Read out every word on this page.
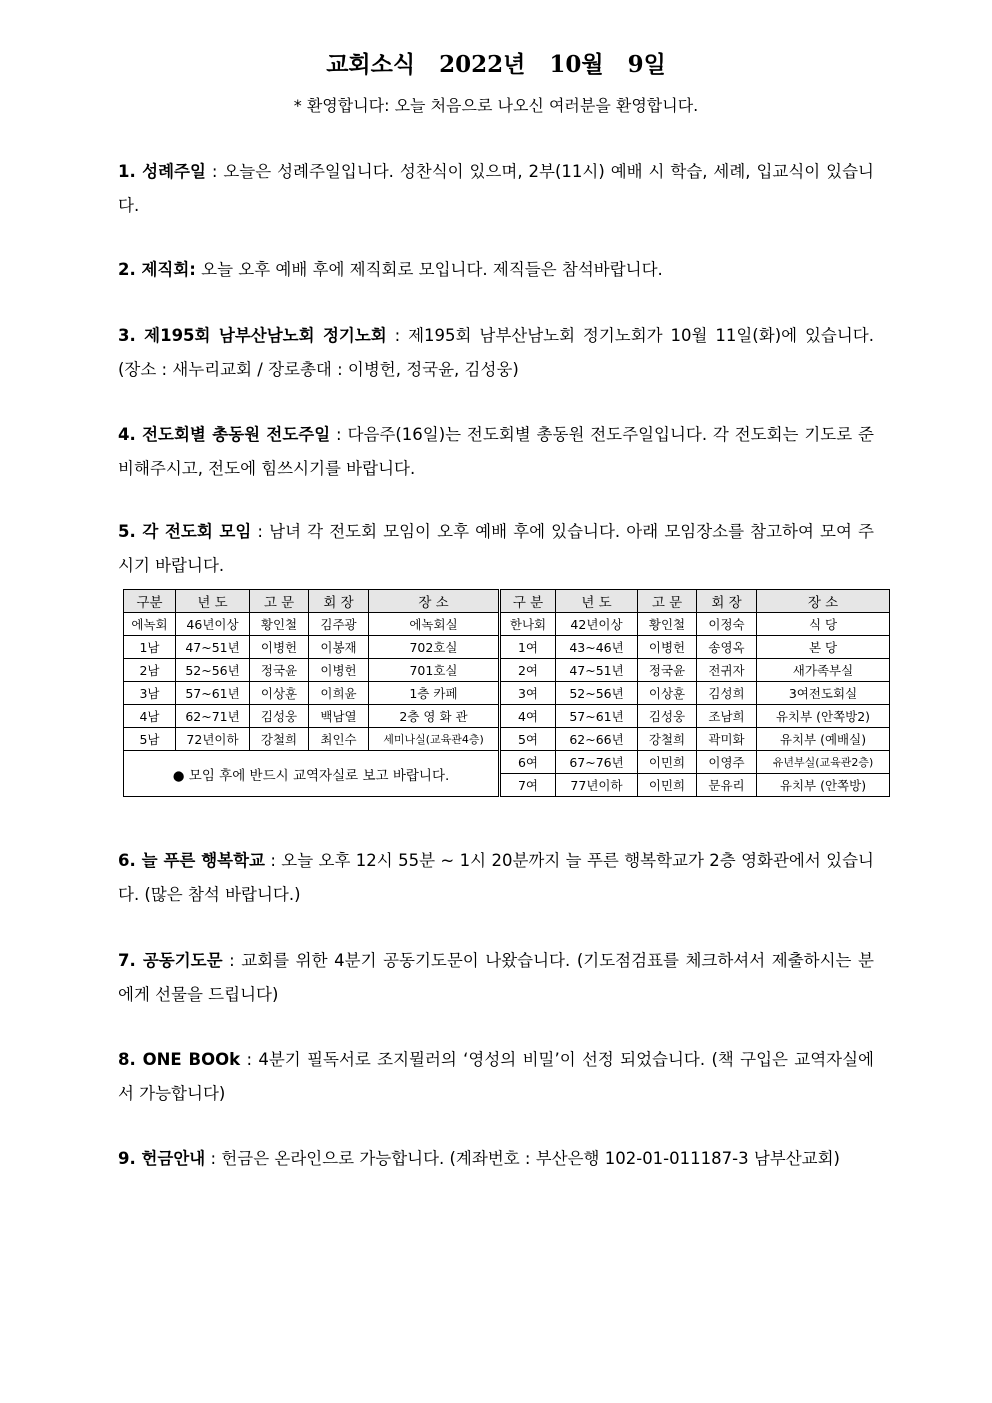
교회소식   2022년   10월   9일
* 환영합니다: 오늘 처음으로 나오신 여러분을 환영합니다.
1. 성례주일 : 오늘은 성례주일입니다. 성찬식이 있으며, 2부(11시) 예배 시 학습, 세례, 입교식이 있습니다.
2. 제직회: 오늘 오후 예배 후에 제직회로 모입니다. 제직들은 참석바랍니다.
3. 제195회 남부산남노회 정기노회 : 제195회 남부산남노회 정기노회가 10월 11일(화)에 있습니다. (장소 : 새누리교회 / 장로총대 : 이병헌, 정국윤, 김성웅)
4. 전도회별 총동원 전도주일 : 다음주(16일)는 전도회별 총동원 전도주일입니다. 각 전도회는 기도로 준비해주시고, 전도에 힘쓰시기를 바랍니다.
5. 각 전도회 모임 : 남녀 각 전도회 모임이 오후 예배 후에 있습니다. 아래 모임장소를 참고하여 모여 주시기 바랍니다.
구분	년 도	고 문	회 장	장 소	구 분	년 도	고 문	회 장	장 소
에녹회	46년이상	황인철	김주광	에녹회실	한나회	42년이상	황인철	이정숙	식 당
1남	47~51년	이병헌	이봉재	702호실	1여	43~46년	이병헌	송영옥	본 당
2남	52~56년	정국윤	이병헌	701호실	2여	47~51년	정국윤	전귀자	새가족부실
3남	57~61년	이상훈	이희윤	1층 카페	3여	52~56년	이상훈	김성희	3여전도회실
4남	62~71년	김성웅	백남열	2층 영 화 관	4여	57~61년	김성웅	조남희	유치부 (안쪽방2)
5남	72년이하	강철희	최인수	세미나실(교육관4층)	5여	62~66년	강철희	곽미화	유치부 (예배실)
● 모임 후에 반드시 교역자실로 보고 바랍니다.					6여	67~76년	이민희	이영주	유년부실(교육관2층)
					7여	77년이하	이민희	문유리	유치부 (안쪽방)
6. 늘 푸른 행복학교 : 오늘 오후 12시 55분 ~ 1시 20분까지 늘 푸른 행복학교가 2층 영화관에서 있습니다. (많은 참석 바랍니다.)
7. 공동기도문 : 교회를 위한 4분기 공동기도문이 나왔습니다. (기도점검표를 체크하셔서 제출하시는 분에게 선물을 드립니다)
8. ONE BOOk : 4분기 필독서로 조지뮐러의 ‘영성의 비밀’이 선정 되었습니다. (책 구입은 교역자실에서 가능합니다)
9. 헌금안내 : 헌금은 온라인으로 가능합니다. (계좌번호 : 부산은행 102-01-011187-3 남부산교회)
